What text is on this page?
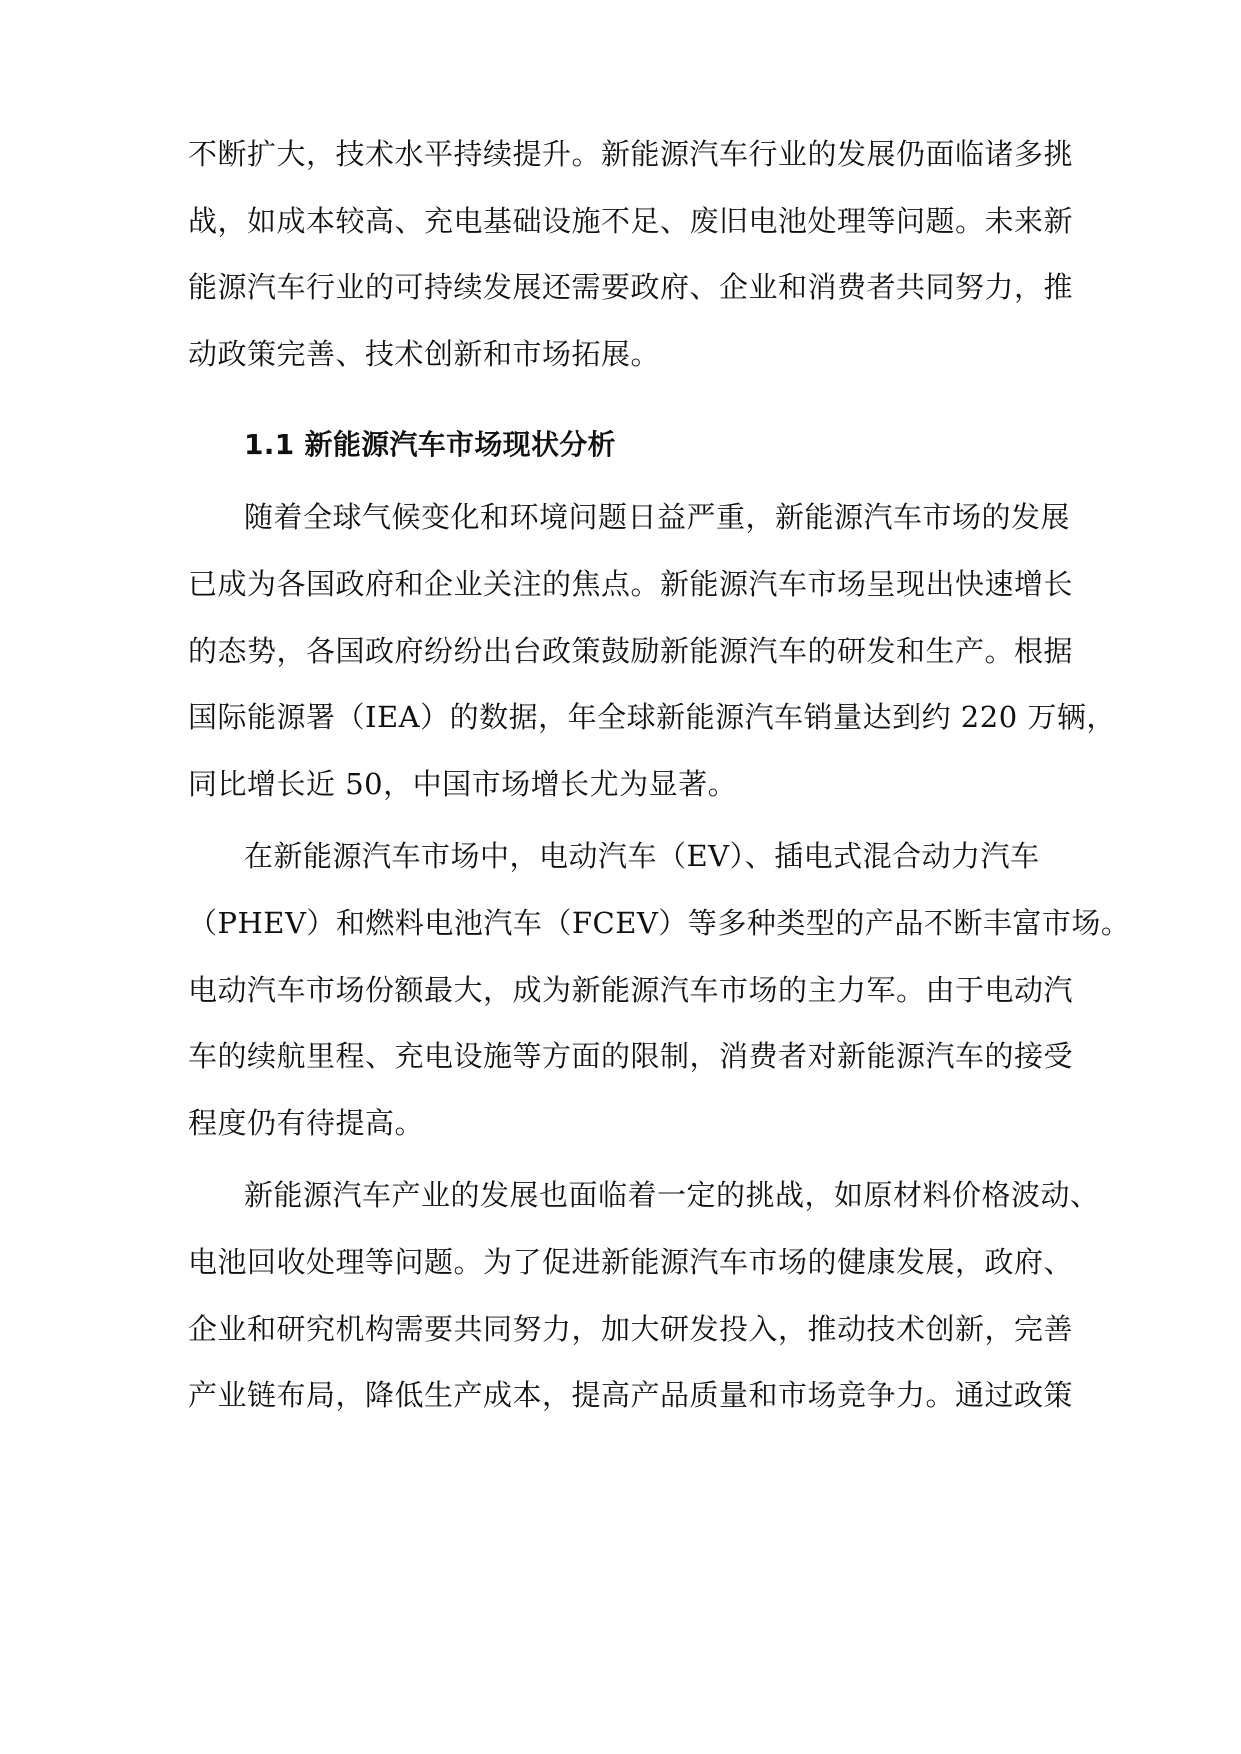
不断扩大，技术水平持续提升。新能源汽车行业的发展仍面临诸多挑
战，如成本较高、充电基础设施不足、废旧电池处理等问题。未来新
能源汽车行业的可持续发展还需要政府、企业和消费者共同努力，推
动政策完善、技术创新和市场拓展。
1.1 新能源汽车市场现状分析
随着全球气候变化和环境问题日益严重，新能源汽车市场的发展
已成为各国政府和企业关注的焦点。新能源汽车市场呈现出快速增长
的态势，各国政府纷纷出台政策鼓励新能源汽车的研发和生产。根据
国际能源署（IEA）的数据，年全球新能源汽车销量达到约 220 万辆，
同比增长近 50，中国市场增长尤为显著。
在新能源汽车市场中，电动汽车（EV）、插电式混合动力汽车
（PHEV）和燃料电池汽车（FCEV）等多种类型的产品不断丰富市场。
电动汽车市场份额最大，成为新能源汽车市场的主力军。由于电动汽
车的续航里程、充电设施等方面的限制，消费者对新能源汽车的接受
程度仍有待提高。
新能源汽车产业的发展也面临着一定的挑战，如原材料价格波动、
电池回收处理等问题。为了促进新能源汽车市场的健康发展，政府、
企业和研究机构需要共同努力，加大研发投入，推动技术创新，完善
产业链布局，降低生产成本，提高产品质量和市场竞争力。通过政策
